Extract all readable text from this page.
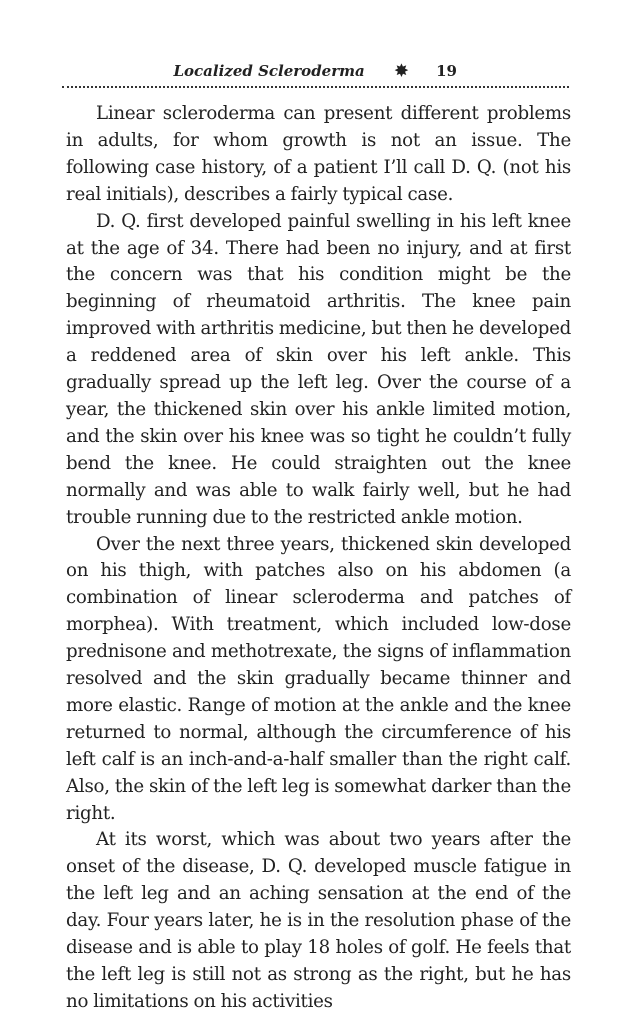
Localized Scleroderma ✸ 19

Linear scleroderma can present different problems in adults, for whom growth is not an issue. The following case history, of a patient I’ll call D. Q. (not his real initials), describes a fairly typical case.

D. Q. first developed painful swelling in his left knee at the age of 34. There had been no injury, and at first the concern was that his condition might be the beginning of rheumatoid arthritis. The knee pain improved with arthritis medicine, but then he developed a reddened area of skin over his left ankle. This gradually spread up the left leg. Over the course of a year, the thickened skin over his ankle limited motion, and the skin over his knee was so tight he couldn’t fully bend the knee. He could straighten out the knee normally and was able to walk fairly well, but he had trouble running due to the restricted ankle motion.

Over the next three years, thickened skin developed on his thigh, with patches also on his abdomen (a combination of linear scleroderma and patches of morphea). With treatment, which included low-dose prednisone and methotrexate, the signs of inflammation resolved and the skin gradually became thinner and more elastic. Range of motion at the ankle and the knee returned to normal, although the circumference of his left calf is an inch-and-a-half smaller than the right calf. Also, the skin of the left leg is somewhat darker than the right.

At its worst, which was about two years after the onset of the disease, D. Q. developed muscle fatigue in the left leg and an aching sensation at the end of the day. Four years later, he is in the resolution phase of the disease and is able to play 18 holes of golf. He feels that the left leg is still not as strong as the right, but he has no limitations on his activities
